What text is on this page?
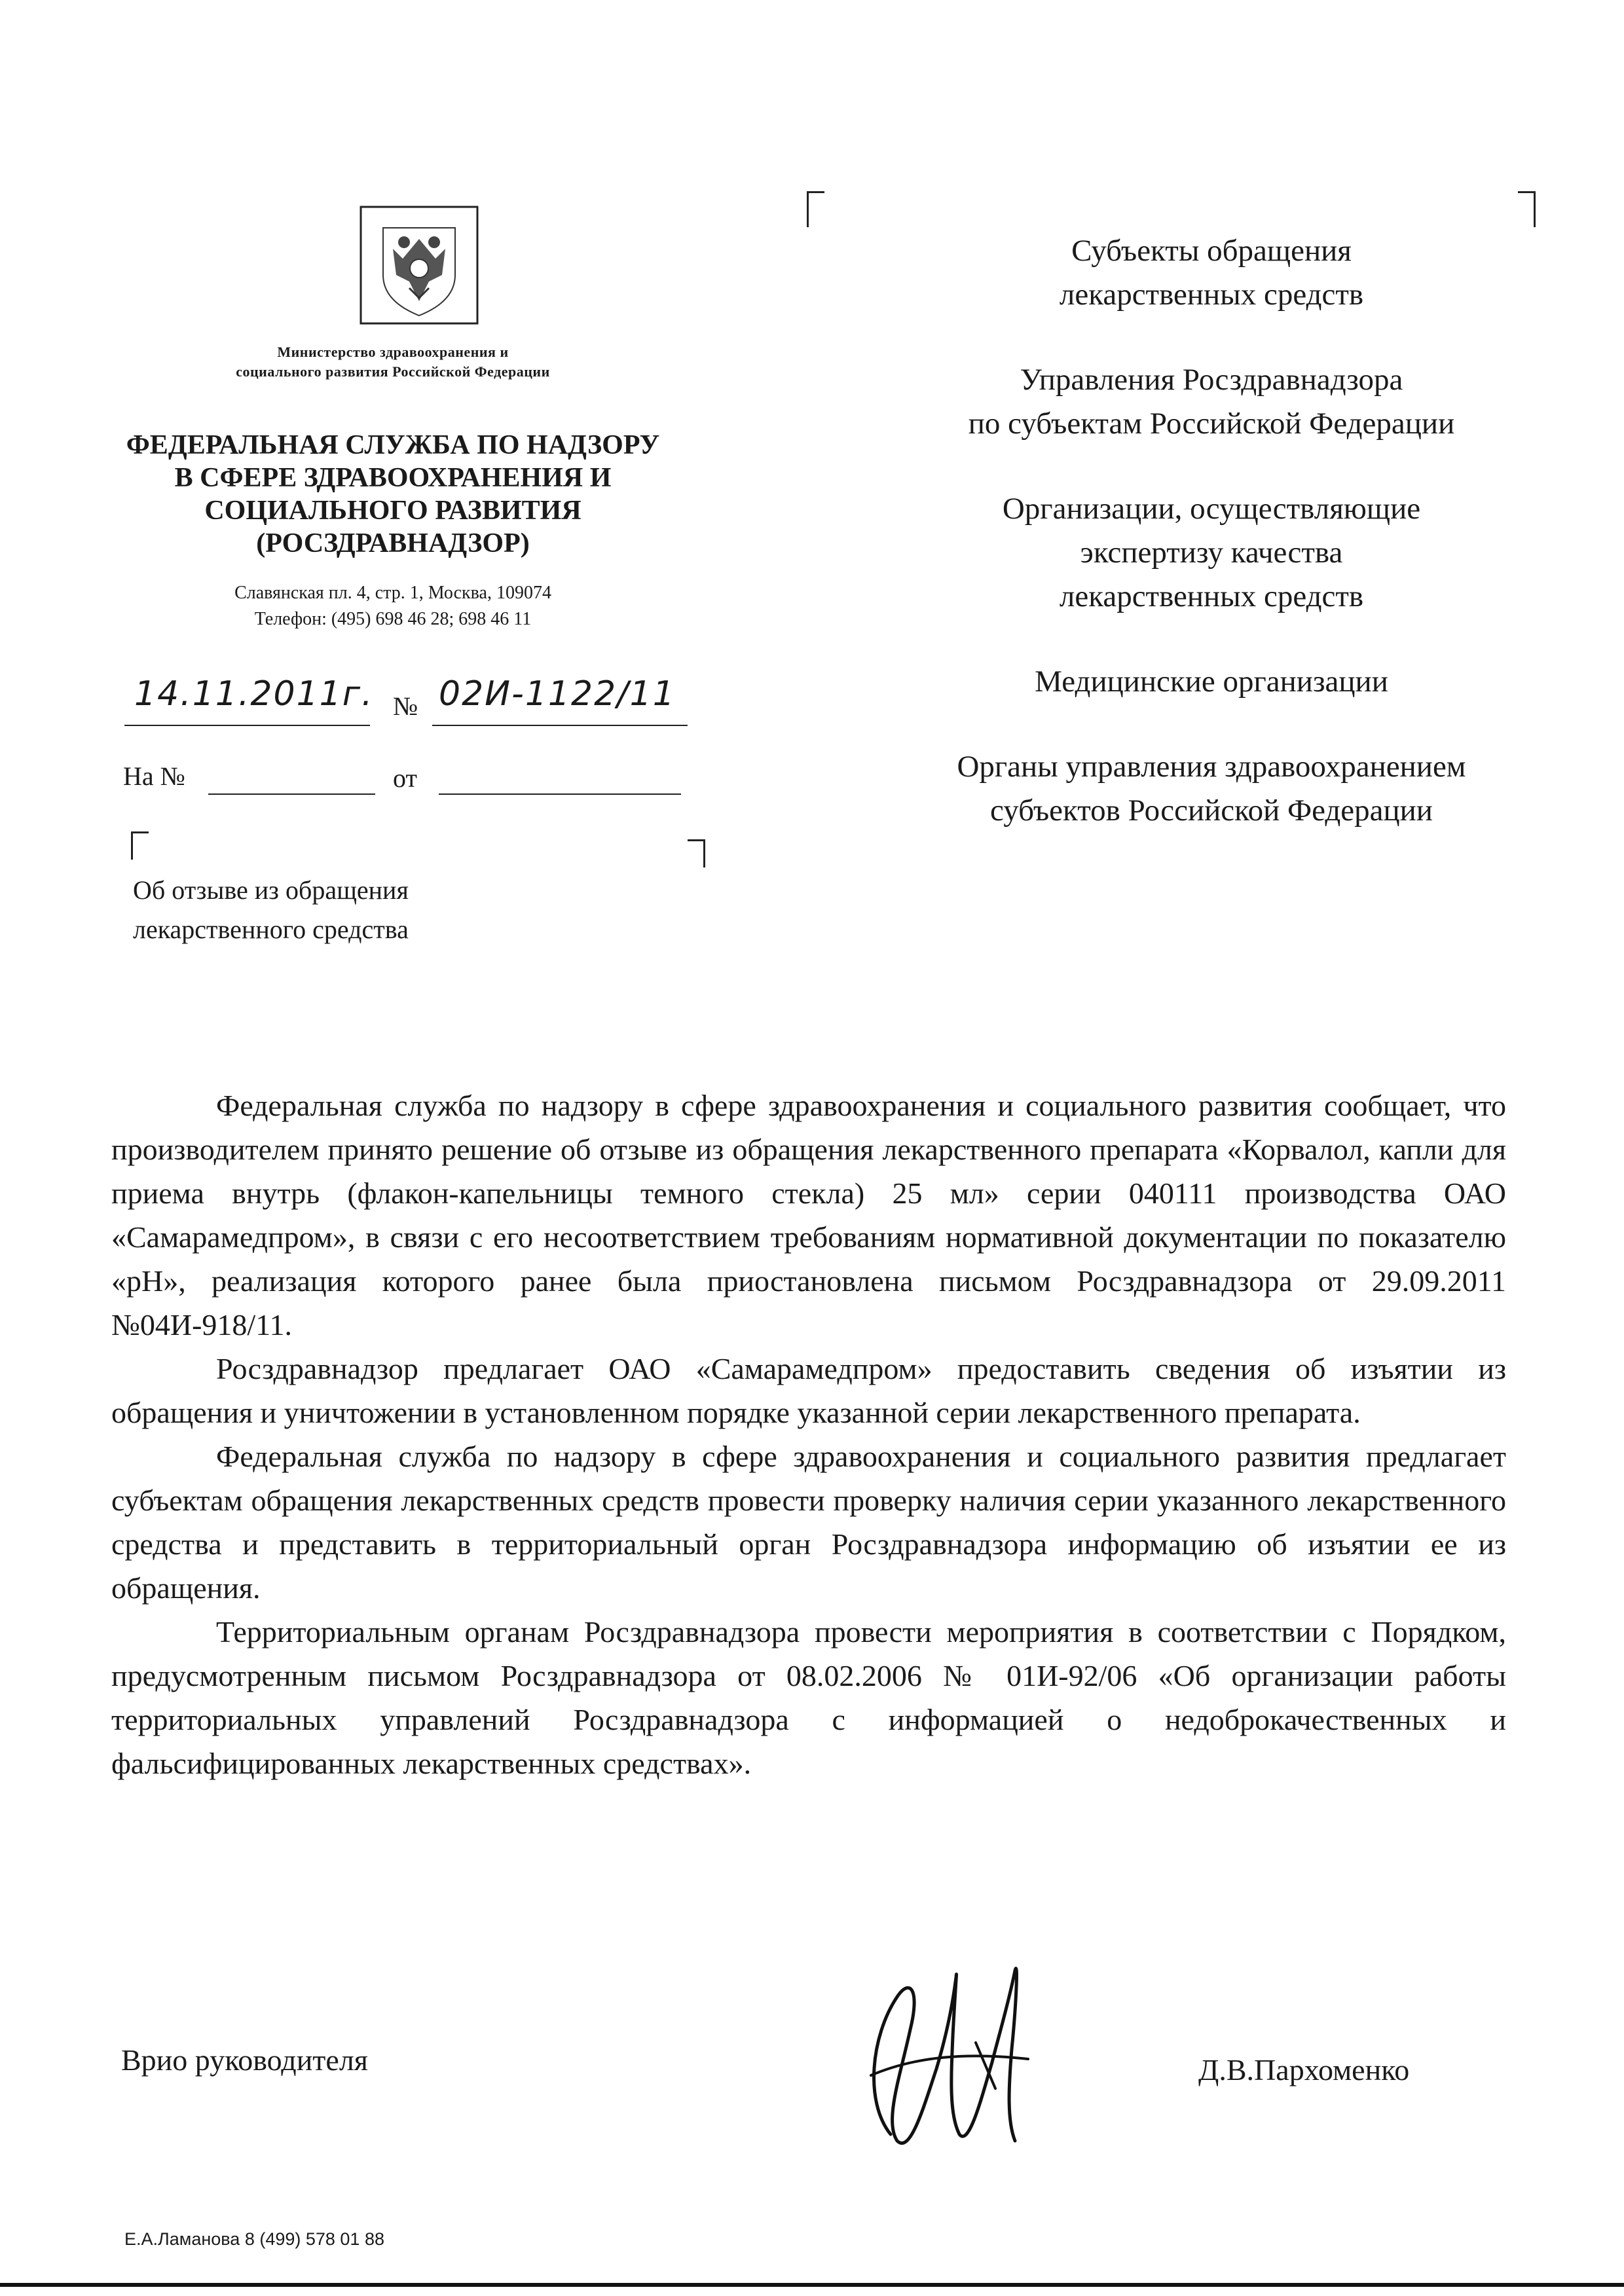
Министерство здравоохранения и
социального развития Российской Федерации
ФЕДЕРАЛЬНАЯ СЛУЖБА ПО НАДЗОРУ
В СФЕРЕ ЗДРАВООХРАНЕНИЯ И
СОЦИАЛЬНОГО РАЗВИТИЯ
(РОСЗДРАВНАДЗОР)
Славянская пл. 4, стр. 1, Москва, 109074
Телефон: (495) 698 46 28; 698 46 11
14.11.2011г. № 02И-1122/11
На №	от
Об отзыве из обращения
лекарственного средства
Субъекты обращения
лекарственных средств
Управления Росздравнадзора
по субъектам Российской Федерации
Организации, осуществляющие
экспертизу качества
лекарственных средств
Медицинские организации
Органы управления здравоохранением
субъектов Российской Федерации

Федеральная служба по надзору в сфере здравоохранения и социального развития сообщает, что производителем принято решение об отзыве из обращения лекарственного препарата «Корвалол, капли для приема внутрь (флакон-капельницы темного стекла) 25 мл» серии 040111 производства ОАО «Самарамедпром», в связи с его несоответствием требованиям нормативной документации по показателю «pH», реализация которого ранее была приостановлена письмом Росздравнадзора от 29.09.2011 №04И-918/11.

Росздравнадзор предлагает ОАО «Самарамедпром» предоставить сведения об изъятии из обращения и уничтожении в установленном порядке указанной серии лекарственного препарата.

Федеральная служба по надзору в сфере здравоохранения и социального развития предлагает субъектам обращения лекарственных средств провести проверку наличия серии указанного лекарственного средства и представить в территориальный орган Росздравнадзора информацию об изъятии ее из обращения.

Территориальным органам Росздравнадзора провести мероприятия в соответствии с Порядком, предусмотренным письмом Росздравнадзора от 08.02.2006 № 01И-92/06 «Об организации работы территориальных управлений Росздравнадзора с информацией о недоброкачественных и фальсифицированных лекарственных средствах».

Врио руководителя	Д.В.Пархоменко
Е.А.Ламанова 8 (499) 578 01 88
